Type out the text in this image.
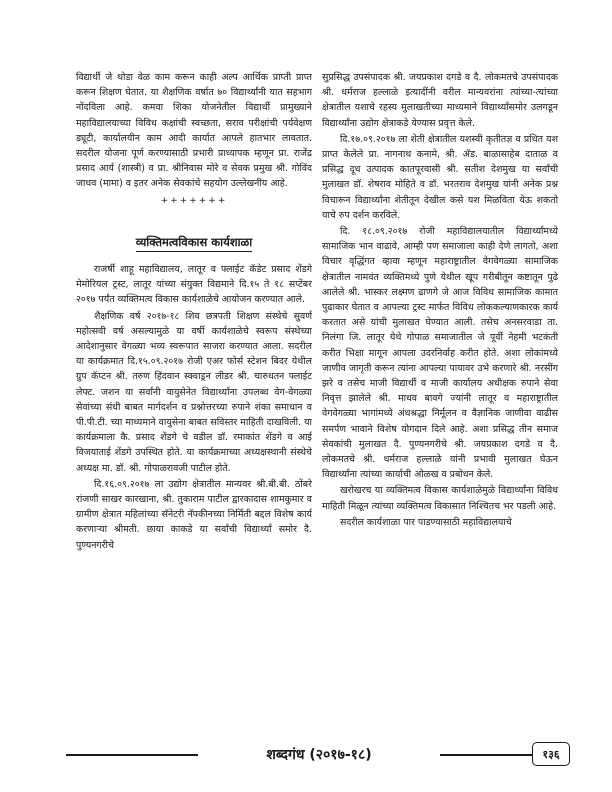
विद्यार्थी जे थोडा वेळ काम करून काही अल्प आर्थिक प्राप्ती प्राप्त करून शिक्षण घेतात. या शैक्षणिक वर्षात ७० विद्यार्थ्यांनी यात सहभाग नोंदविला आहे. कमवा शिका योजनेतील विद्यार्थी प्रामुख्याने महाविद्यालयाच्या विविध कक्षांची स्वच्छता, सराव परीक्षांची पर्यवेक्षण ड्यूटी, कार्यालयीन काम आदी कार्यात आपले हातभार लावतात. सदरील योजना पूर्ण करण्यासाठी प्रभारी प्राध्यापक म्हणून प्रा. राजेंद्र प्रसाद आर्य (शास्त्री) व प्रा. श्रीनिवास मोरे व सेवक प्रमुख श्री. गोविंद जाधव (मामा) व इतर अनेक सेवकांचे सहयोग उल्लेखनीय आहे.

+++++++
व्यक्तिमत्वविकास कार्यशाळा

राजर्षी शाहू महाविद्यालय, लातूर व फ्लाईट कॅडेट प्रसाद शेंडगे मेमोरियल ट्रस्ट, लातूर यांच्या संयुक्त विद्यमाने दि.१५ ते १८ सप्टेंबर २०१७ पर्यंत व्यक्तिमत्व विकास कार्यशाळेचे आयोजन करण्यात आले.

शैक्षणिक वर्ष २०१७-१८ शिव छत्रपती शिक्षण संस्थेचे सुवर्ण महोत्सवी वर्ष असल्यामुळे या वर्षी कार्यशाळेचे स्वरूप संस्थेच्या आदेशानुसार वेगळ्या भव्य स्वरूपात साजरा करण्यात आला. सदरील या कार्यक्रमात दि.१५.०९.२०१७ रोजी एअर फोर्स स्टेशन बिदर येथील ग्रुप कॅप्टन श्री. तरुण हिंदवान स्क्वाड्रन लीडर श्री. चारुधतन फ्लाईट लेफ्ट. जशन या सर्वांनी वायुसेनेत विद्यार्थ्यांना उपलब्ध वेग-वेगळ्या सेवांच्या संधी बाबत मार्गदर्शन व प्रश्नोत्तरच्या रुपाने शंका समाधान व पी.पी.टी. च्या माध्यमाने वायुसेना बाबत सविस्तर माहिती दाखविली. या कार्यक्रमाला कै. प्रसाद शेंडगे चे वडील डॉ. रमाकांत शेंडगे व आई विजयाताई शेंडगे उपस्थित होते. या कार्यक्रमाच्या अध्यक्षस्थानी संस्थेचे अध्यक्ष मा. डॉ. श्री. गोपाळरावजी पाटील होते.

दि.१६.०९.२०१७ ला उद्योग क्षेत्रातील मान्यवर श्री.बी.बी. ठोंबरे रांजणी साखर कारखाना, श्री. तुकाराम पाटील द्वारकादास शामकुमार व ग्रामीण क्षेत्रात महिलांच्या सॅनेटरी नॅपकीनच्या निर्मिती बद्दल विशेष कार्य करणाऱ्या श्रीमती. छाया काकडे या सर्वांची विद्यार्थ्यां समोर दै. पुण्यनगरीचे

सुप्रसिद्ध उपसंपादक श्री. जयप्रकाश दगडे व दै. लोकमतचे उपसंपादक श्री. धर्मराज हल्लाळे इत्यादींनी वरील मान्यवरांना त्यांच्या-त्यांच्या क्षेत्रातील यशाचे रहस्य मुलाखतीच्या माध्यमाने विद्यार्थ्यांसमोर उलगडून विद्यार्थ्यांना उद्योग क्षेत्राकडे येण्यास प्रवृत्त केले.

दि.१७.०९.२०१७ ला शेती क्षेत्रातील यशस्वी कृतीतज्ञ व प्रथित यश प्राप्त केलेले प्रा. नागनाथ कनामे, श्री. ॲड. बाळासाहेब दाताळ व प्रसिद्ध दूध उत्पादक कातपूरवासी श्री. सतीश देशमुख या सर्वांची मुलाखत डॉ. शेषराव मोहिते व डॉ. भरतराव देशमुख यांनी अनेक प्रश्न विचारून विद्यार्थ्यांना शेतीतून देखील कसे यश मिळविता येऊ शकतो याचे रुप दर्शन करविले.

दि. १८.०९.२०१७ रोजी महाविद्यालयातील विद्यार्थ्यांमध्ये सामाजिक भान वाढावे, आम्ही पण समाजाला काही देणे लागतो, अशा विचार वृद्धिंगत व्हावा म्हणून महाराष्ट्रातील वेगवेगळ्या सामाजिक क्षेत्रातील नामवंत व्यक्तिमध्ये पुणे येथील खूप गरीबीतून कष्टातून पुढे आलेले श्री. भास्कर लक्ष्मण ढाणगे जे आज विविध सामाजिक कामात पुढाकार घेतात व आपल्या ट्रस्ट मार्फत विविध लोककल्याणकारक कार्य करतात असे यांची मुलाखत घेण्यात आली. तसेच अनसरवाडा ता. निलंगा जि. लातूर येथे गोपाळ समाजातील जे पूर्वी नेहमी भटकंती करीत भिक्षा मागून आपला उदरनिर्वाह करीत होते. अशा लोकांमध्ये जाणीव जागृती करून त्यांना आपल्या पायावर उभे करणारे श्री. नरसींग झरे व तसेच माजी विद्यार्थी व माजी कार्यालय अधीक्षक रुपाने सेवा निवृत्त झालेले श्री. माधव बावगे ज्यांनी लातूर व महाराष्ट्रातील वेगवेगळ्या भागांमध्ये अंधश्रद्धा निर्मूलन व वैज्ञानिक जाणीवा वाढीस समर्पण भावाने विशेष योगदान दिले आहे. अशा प्रसिद्ध तीन समाज सेवकांची मुलाखत दै. पुण्यनगरीचे श्री. जयप्रकाश दगडे व दै. लोकमतचे श्री. धर्मराज हल्लाळे यांनी प्रभावी मुलाखत घेऊन विद्यार्थ्यांना त्यांच्या कार्याची ओळख व प्रबोधन केले.

खरोखरच या व्यक्तिमत्व विकास कार्यशाळेमुळे विद्यार्थ्यांना विविध माहिती मिळून त्यांच्या व्यक्तिमत्व विकासात निश्चितच भर पडली आहे.

सदरील कार्यशाळा पार पाडण्यासाठी महाविद्यालयाचे

शब्दगंध (२०१७-१८)	१३६
